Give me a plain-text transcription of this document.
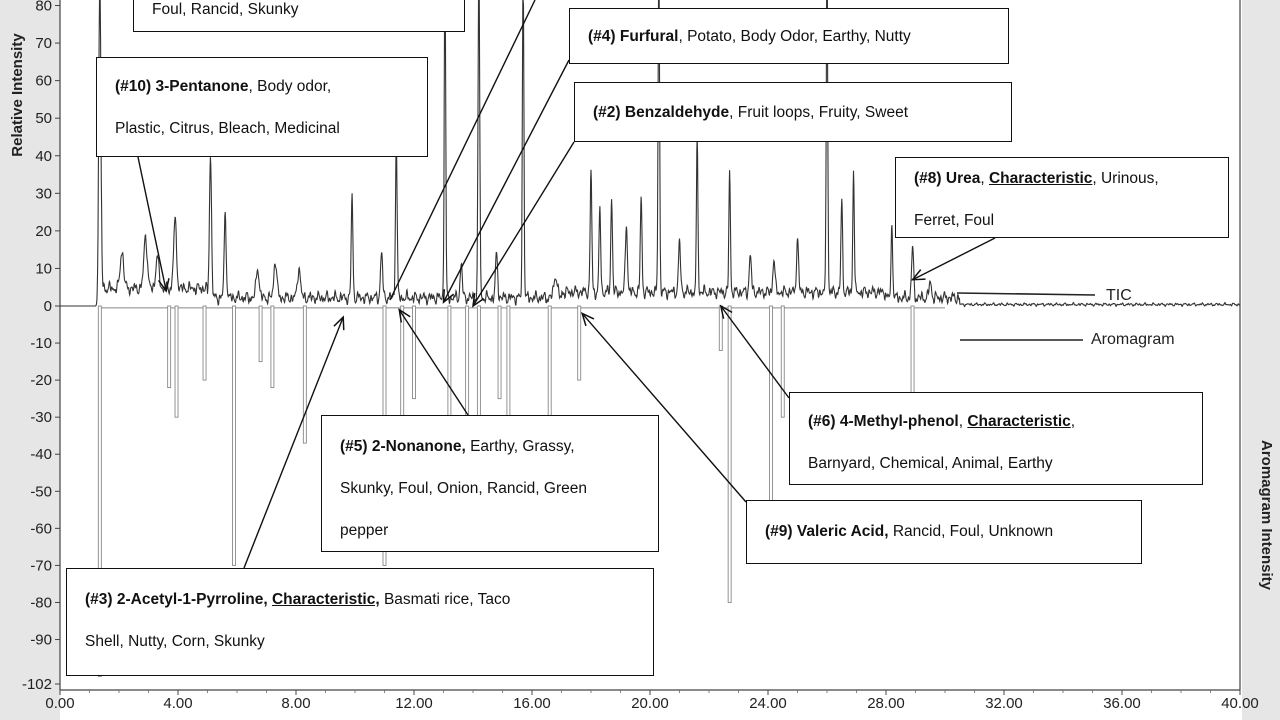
80
70
60
50
40
30
20
10
0
-10
-20
-30
-40
-50
-60
-70
-80
-90
-102
0.00	4.00	8.00	12.00	16.00	20.00	24.00	28.00	32.00	36.00	40.00
TIC
Aromagram
Relative Intensity
Aromagram Intensity
Foul, Rancid, Skunky
(#4) Furfural, Potato, Body Odor, Earthy, Nutty
(#10) 3-Pentanone, Body odor,
Plastic, Citrus, Bleach, Medicinal
(#2) Benzaldehyde, Fruit loops, Fruity, Sweet
(#8) Urea, Characteristic, Urinous,
Ferret, Foul
(#6) 4-Methyl-phenol, Characteristic,
Barnyard, Chemical, Animal, Earthy
(#5) 2-Nonanone, Earthy, Grassy,
Skunky, Foul, Onion, Rancid, Green
pepper	(#9) Valeric Acid, Rancid, Foul, Unknown
(#3) 2-Acetyl-1-Pyrroline, Characteristic, Basmati rice, Taco
Shell, Nutty, Corn, Skunky
